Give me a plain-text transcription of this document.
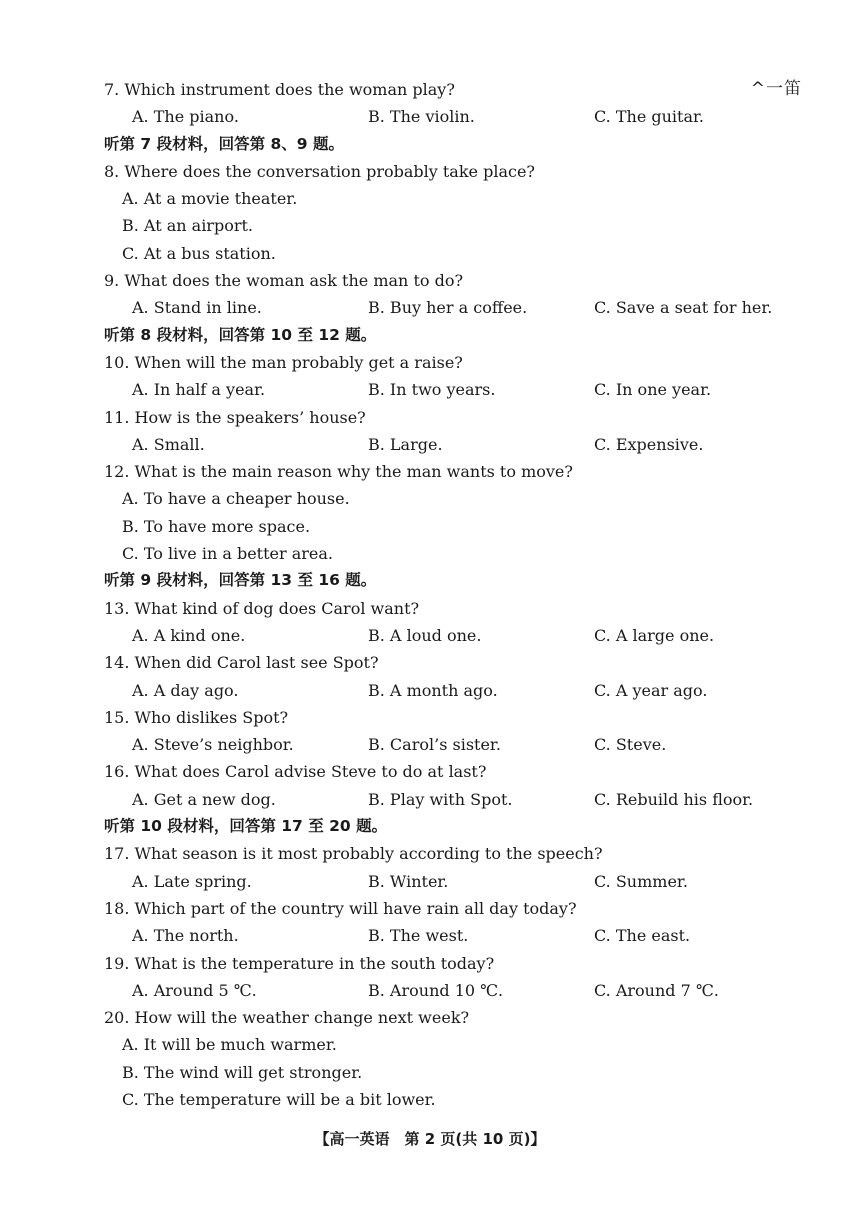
^一笛
7. Which instrument does the woman play?
A. The piano.	B. The violin.	C. The guitar.
听第 7 段材料，回答第 8、9 题。
8. Where does the conversation probably take place?
A. At a movie theater.
B. At an airport.
C. At a bus station.
9. What does the woman ask the man to do?
A. Stand in line.	B. Buy her a coffee.	C. Save a seat for her.
听第 8 段材料，回答第 10 至 12 题。
10. When will the man probably get a raise?
A. In half a year.	B. In two years.	C. In one year.
11. How is the speakers’ house?
A. Small.	B. Large.	C. Expensive.
12. What is the main reason why the man wants to move?
A. To have a cheaper house.
B. To have more space.
C. To live in a better area.
听第 9 段材料，回答第 13 至 16 题。
13. What kind of dog does Carol want?
A. A kind one.	B. A loud one.	C. A large one.
14. When did Carol last see Spot?
A. A day ago.	B. A month ago.	C. A year ago.
15. Who dislikes Spot?
A. Steve’s neighbor.	B. Carol’s sister.	C. Steve.
16. What does Carol advise Steve to do at last?
A. Get a new dog.	B. Play with Spot.	C. Rebuild his floor.
听第 10 段材料，回答第 17 至 20 题。
17. What season is it most probably according to the speech?
A. Late spring.	B. Winter.	C. Summer.
18. Which part of the country will have rain all day today?
A. The north.	B. The west.	C. The east.
19. What is the temperature in the south today?
A. Around 5 ℃.	B. Around 10 ℃.	C. Around 7 ℃.
20. How will the weather change next week?
A. It will be much warmer.
B. The wind will get stronger.
C. The temperature will be a bit lower.
【高一英语　第 2 页(共 10 页)】
